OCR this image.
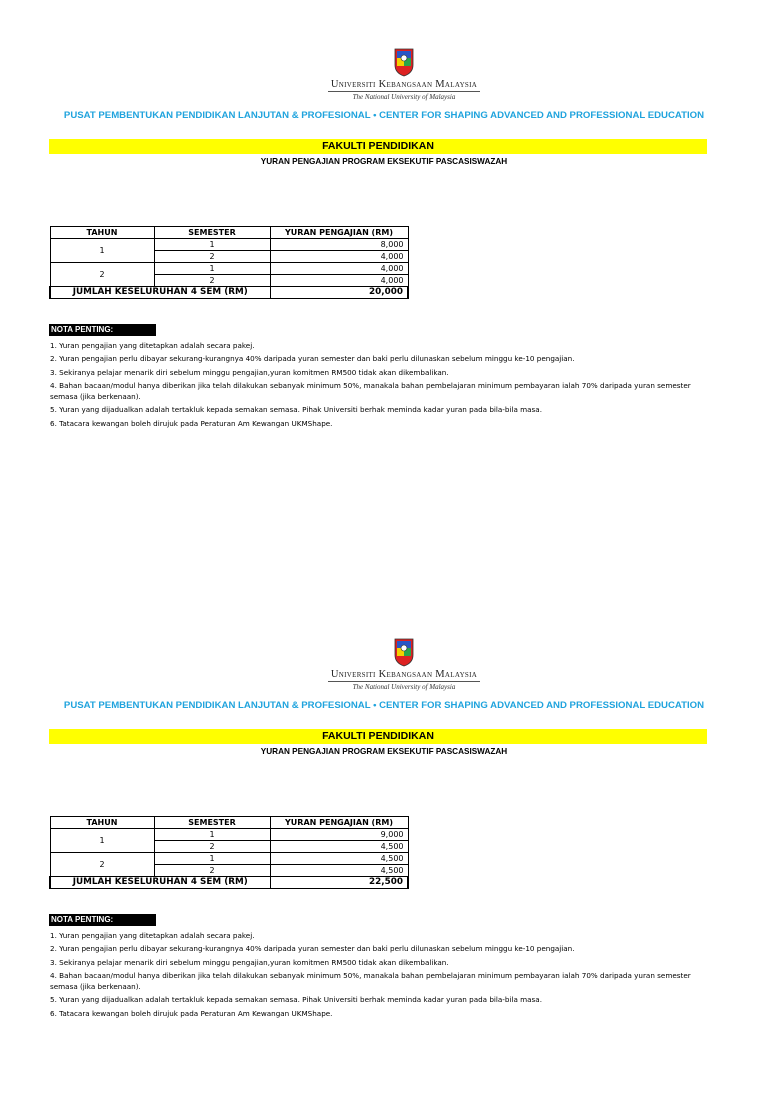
Universiti Kebangsaan Malaysia
The National University of Malaysia
PUSAT PEMBENTUKAN PENDIDIKAN LANJUTAN & PROFESIONAL • CENTER FOR SHAPING ADVANCED AND PROFESSIONAL EDUCATION
FAKULTI PENDIDIKAN
YURAN PENGAJIAN PROGRAM EKSEKUTIF PASCASISWAZAH
TAHUN	SEMESTER	YURAN PENGAJIAN (RM)
1	1	8,000
	2	4,000
2	1	4,000
	2	4,000
JUMLAH KESELURUHAN 4 SEM (RM)		20,000
NOTA PENTING:
1. Yuran pengajian yang ditetapkan adalah secara pakej.
2. Yuran pengajian perlu dibayar sekurang-kurangnya 40% daripada yuran semester dan baki perlu dilunaskan sebelum minggu ke-10 pengajian.
3. Sekiranya pelajar menarik diri sebelum minggu pengajian,yuran komitmen RM500 tidak akan dikembalikan.
4. Bahan bacaan/modul hanya diberikan jika telah dilakukan sebanyak minimum 50%, manakala bahan pembelajaran minimum pembayaran ialah 70% daripada yuran semester semasa (jika berkenaan).
5. Yuran yang dijadualkan adalah tertakluk kepada semakan semasa. Pihak Universiti berhak meminda kadar yuran pada bila-bila masa.
6. Tatacara kewangan boleh dirujuk pada Peraturan Am Kewangan UKMShape.
Universiti Kebangsaan Malaysia
The National University of Malaysia
PUSAT PEMBENTUKAN PENDIDIKAN LANJUTAN & PROFESIONAL • CENTER FOR SHAPING ADVANCED AND PROFESSIONAL EDUCATION
FAKULTI PENDIDIKAN
YURAN PENGAJIAN PROGRAM EKSEKUTIF PASCASISWAZAH
TAHUN	SEMESTER	YURAN PENGAJIAN (RM)
1	1	9,000
	2	4,500
2	1	4,500
	2	4,500
JUMLAH KESELURUHAN 4 SEM (RM)		22,500
NOTA PENTING:
1. Yuran pengajian yang ditetapkan adalah secara pakej.
2. Yuran pengajian perlu dibayar sekurang-kurangnya 40% daripada yuran semester dan baki perlu dilunaskan sebelum minggu ke-10 pengajian.
3. Sekiranya pelajar menarik diri sebelum minggu pengajian,yuran komitmen RM500 tidak akan dikembalikan.
4. Bahan bacaan/modul hanya diberikan jika telah dilakukan sebanyak minimum 50%, manakala bahan pembelajaran minimum pembayaran ialah 70% daripada yuran semester semasa (jika berkenaan).
5. Yuran yang dijadualkan adalah tertakluk kepada semakan semasa. Pihak Universiti berhak meminda kadar yuran pada bila-bila masa.
6. Tatacara kewangan boleh dirujuk pada Peraturan Am Kewangan UKMShape.
